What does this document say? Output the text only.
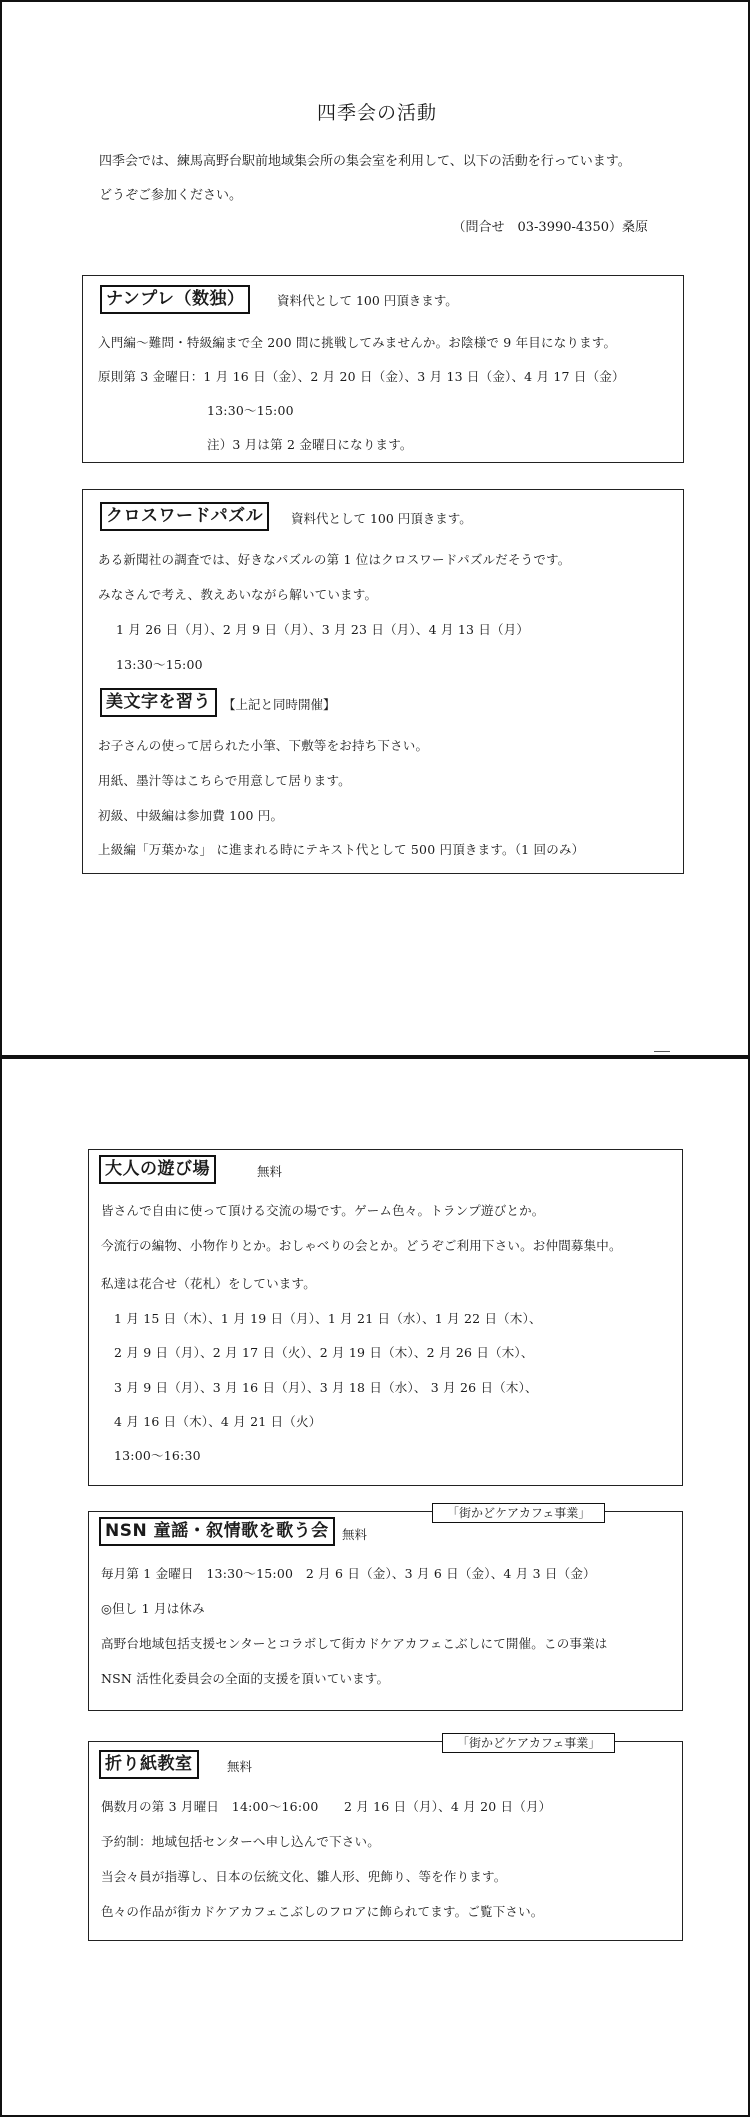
四季会の活動
四季会では、練馬高野台駅前地域集会所の集会室を利用して、以下の活動を行っています。
どうぞご参加ください。
（問合せ　03-3990-4350）桑原
ナンプレ（数独）	資料代として 100 円頂きます。
入門編～難問・特級編まで全 200 問に挑戦してみませんか。お陰様で 9 年目になります。
原則第 3 金曜日：1 月 16 日（金）、2 月 20 日（金）、3 月 13 日（金）、4 月 17 日（金）
13:30～15:00
注）3 月は第 2 金曜日になります。
クロスワードパズル	資料代として 100 円頂きます。
ある新聞社の調査では、好きなパズルの第 1 位はクロスワードパズルだそうです。
みなさんで考え、教えあいながら解いています。
1 月 26 日（月）、2 月 9 日（月）、3 月 23 日（月）、4 月 13 日（月）
13:30～15:00
美文字を習う 【上記と同時開催】
お子さんの使って居られた小筆、下敷等をお持ち下さい。
用紙、墨汁等はこちらで用意して居ります。
初級、中級編は参加費 100 円。
上級編「万葉かな」 に進まれる時にテキスト代として 500 円頂きます。（1 回のみ）
大人の遊び場	無料
皆さんで自由に使って頂ける交流の場です。ゲーム色々。トランプ遊びとか。
今流行の編物、小物作りとか。おしゃべりの会とか。どうぞご利用下さい。お仲間募集中。
私達は花合せ（花札）をしています。
1 月 15 日（木）、1 月 19 日（月）、1 月 21 日（水）、1 月 22 日（木）、
2 月 9 日（月）、2 月 17 日（火）、2 月 19 日（木）、2 月 26 日（木）、
3 月 9 日（月）、3 月 16 日（月）、3 月 18 日（水）、 3 月 26 日（木）、
4 月 16 日（木）、4 月 21 日（火）
13:00～16:30
NSN 童謡・叙情歌を歌う会	無料
毎月第 1 金曜日　13:30～15:00　2 月 6 日（金）、3 月 6 日（金）、4 月 3 日（金）
◎但し 1 月は休み
高野台地域包括支援センターとコラボして街カドケアカフェこぶしにて開催。この事業は
NSN 活性化委員会の全面的支援を頂いています。
「街かどケアカフェ事業」
折り紙教室	無料
偶数月の第 3 月曜日　14:00～16:00　　2 月 16 日（月）、4 月 20 日（月）
予約制：地域包括センターへ申し込んで下さい。
当会々員が指導し、日本の伝統文化、雛人形、兜飾り、等を作ります。
色々の作品が街カドケアカフェこぶしのフロアに飾られてます。ご覧下さい。
「街かどケアカフェ事業」
